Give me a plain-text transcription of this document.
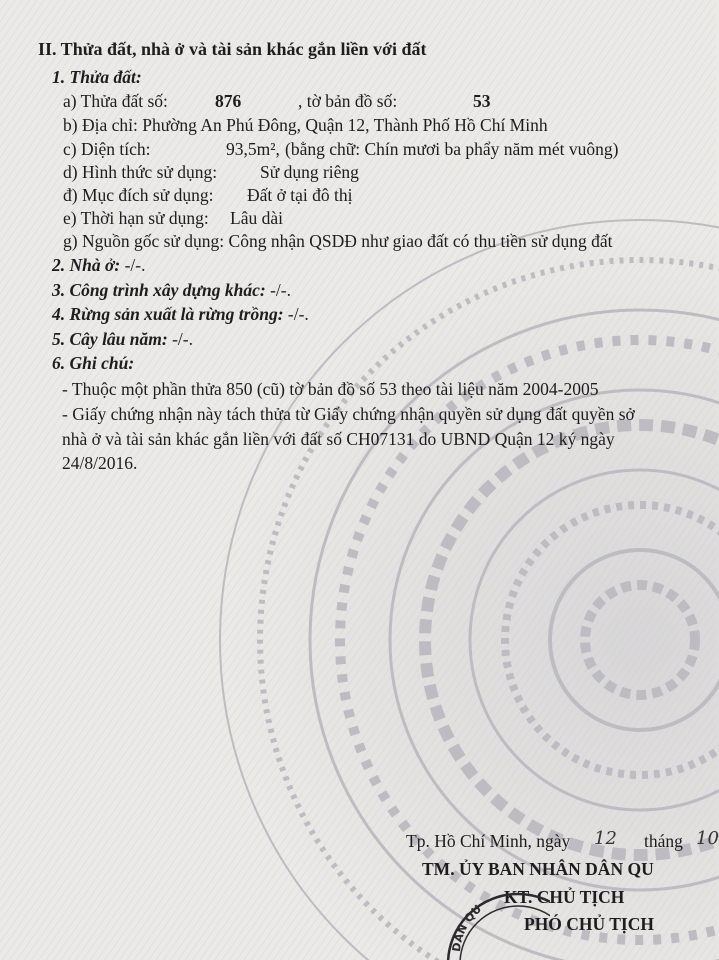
II. Thửa đất, nhà ở và tài sản khác gắn liền với đất
1. Thửa đất:
a) Thửa đất số:	876	, tờ bản đồ số:	53
b) Địa chỉ: Phường An Phú Đông, Quận 12, Thành Phố Hồ Chí Minh
c) Diện tích:	93,5m², (bằng chữ: Chín mươi ba phẩy năm mét vuông)
d) Hình thức sử dụng: Sử dụng riêng
đ) Mục đích sử dụng: Đất ở tại đô thị
e) Thời hạn sử dụng: Lâu dài
g) Nguồn gốc sử dụng: Công nhận QSDĐ như giao đất có thu tiền sử dụng đất
2. Nhà ở: -/-.
3. Công trình xây dựng khác: -/-.
4. Rừng sản xuất là rừng trồng: -/-.
5. Cây lâu năm: -/-.
6. Ghi chú:
- Thuộc một phần thửa 850 (cũ) tờ bản đồ số 53 theo tài liệu năm 2004-2005
- Giấy chứng nhận này tách thửa từ Giấy chứng nhận quyền sử dụng đất quyền sở
nhà ở và tài sản khác gắn liền với đất số CH07131 do UBND Quận 12 ký ngày
24/8/2016.
Tp. Hồ Chí Minh, ngày 12 tháng 10
TM. ỦY BAN NHÂN DÂN QU
KT. CHỦ TỊCH
PHÓ CHỦ TỊCH
DÂN QU
